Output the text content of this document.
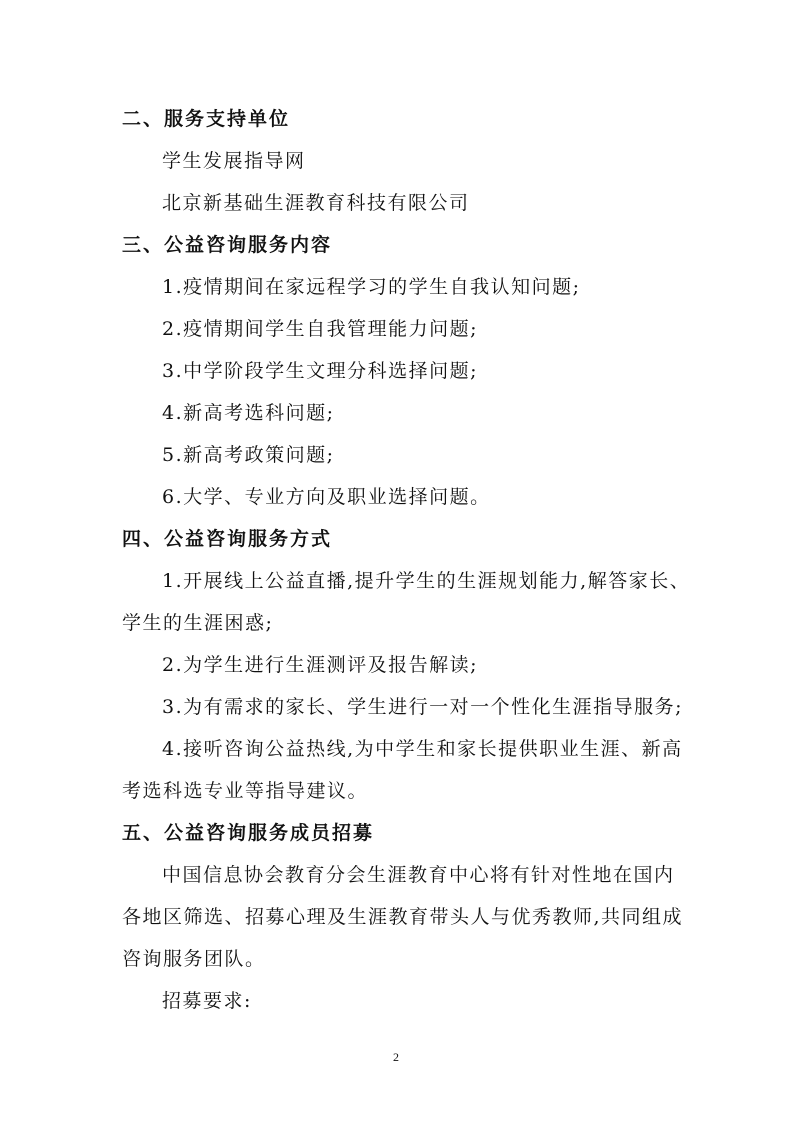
二、服务支持单位
学生发展指导网
北京新基础生涯教育科技有限公司
三、公益咨询服务内容
1.疫情期间在家远程学习的学生自我认知问题;
2.疫情期间学生自我管理能力问题;
3.中学阶段学生文理分科选择问题;
4.新高考选科问题;
5.新高考政策问题;
6.大学、专业方向及职业选择问题。
四、公益咨询服务方式
1.开展线上公益直播,提升学生的生涯规划能力,解答家长、
学生的生涯困惑;
2.为学生进行生涯测评及报告解读;
3.为有需求的家长、学生进行一对一个性化生涯指导服务;
4.接听咨询公益热线,为中学生和家长提供职业生涯、新高
考选科选专业等指导建议。
五、公益咨询服务成员招募
中国信息协会教育分会生涯教育中心将有针对性地在国内
各地区筛选、招募心理及生涯教育带头人与优秀教师,共同组成
咨询服务团队。
招募要求:
2
